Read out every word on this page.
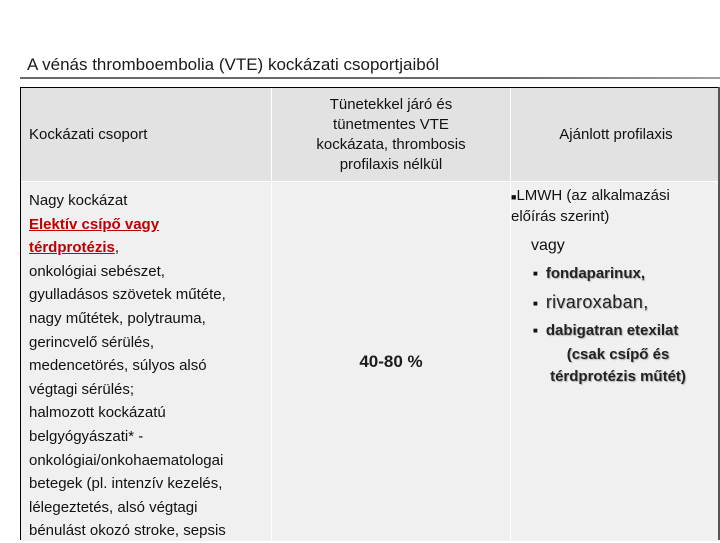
A vénás thromboembolia (VTE) kockázati csoportjaiból
Kockázati csoport
Tünetekkel járó és tünetmentes VTE kockázata, thrombosis profilaxis nélkül
Ajánlott profilaxis
Nagy kockázat
Elektív csípő vagy térdprotézis,
onkológiai sebészet,
gyulladásos szövetek műtéte,
nagy műtétek, polytrauma,
gerincvelő sérülés,
medencetörés, súlyos alsó
végtagi sérülés;
halmozott kockázatú
belgyógyászati* -
onkológiai/onkohaematologai
betegek (pl. intenzív kezelés,
lélegeztetés, alsó végtagi
bénulást okozó stroke, sepsis
40-80 %
■LMWH (az alkalmazási előírás szerint)
vagy
■ fondaparinux,
■ rivaroxaban,
■ dabigatran etexilat
(csak csípő és térdprotézis műtét)
